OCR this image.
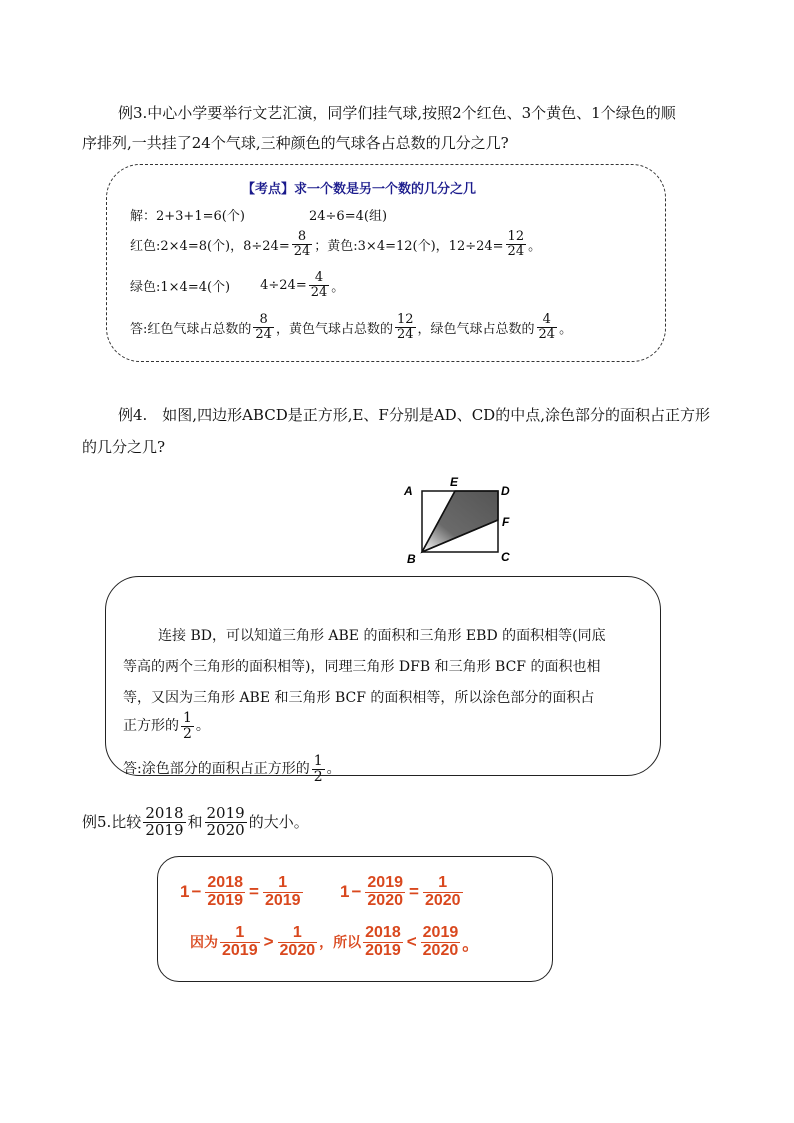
例3.中心小学要举行文艺汇演，同学们挂气球,按照2个红色、3个黄色、1个绿色的顺
序排列,一共挂了24个气球,三种颜色的气球各占总数的几分之几?
【考点】求一个数是另一个数的几分之几
解：2+3+1=6(个)	24÷6=4(组)
红色:2×4=8(个)，$8\div 24= \frac{8}{24}$ ；黄色:3×4=12(个)，$12\div 24= \frac{12}{24}$ 。
绿色:1×4=4(个) $4\div 24= \frac{4}{24}$ 。
答:红色气球占总数的 $\frac{8}{24}$ ，黄色气球占总数的 $\frac{12}{24}$ ，绿色气球占总数的 $\frac{4}{24}$ 。
例4.　如图,四边形ABCD是正方形,E、F分别是AD、CD的中点,涂色部分的面积占正方形
的几分之几?
A
E
D
F
B	C
连接 BD，可以知道三角形 ABE 的面积和三角形 EBD 的面积相等(同底
等高的两个三角形的面积相等)，同理三角形 DFB 和三角形 BCF 的面积也相
等，又因为三角形 ABE 和三角形 BCF 的面积相等，所以涂色部分的面积占
正方形的 $\frac{1}{2}$ 。
答:涂色部分的面积占正方形的 $\frac{1}{2}$ 。
例5.比较 $\frac{2018}{2019}$ 和 $\frac{2019}{2020}$ 的大小。
$1 - \frac{2018}{2019} = \frac{1}{2019} 1 - \frac{2019}{2020} = \frac{1}{2020}$
因为 $\frac{1}{2019} > \frac{1}{2020}$ ，所以 $\frac{2018}{2019} < \frac{2019}{2020}$ 。
